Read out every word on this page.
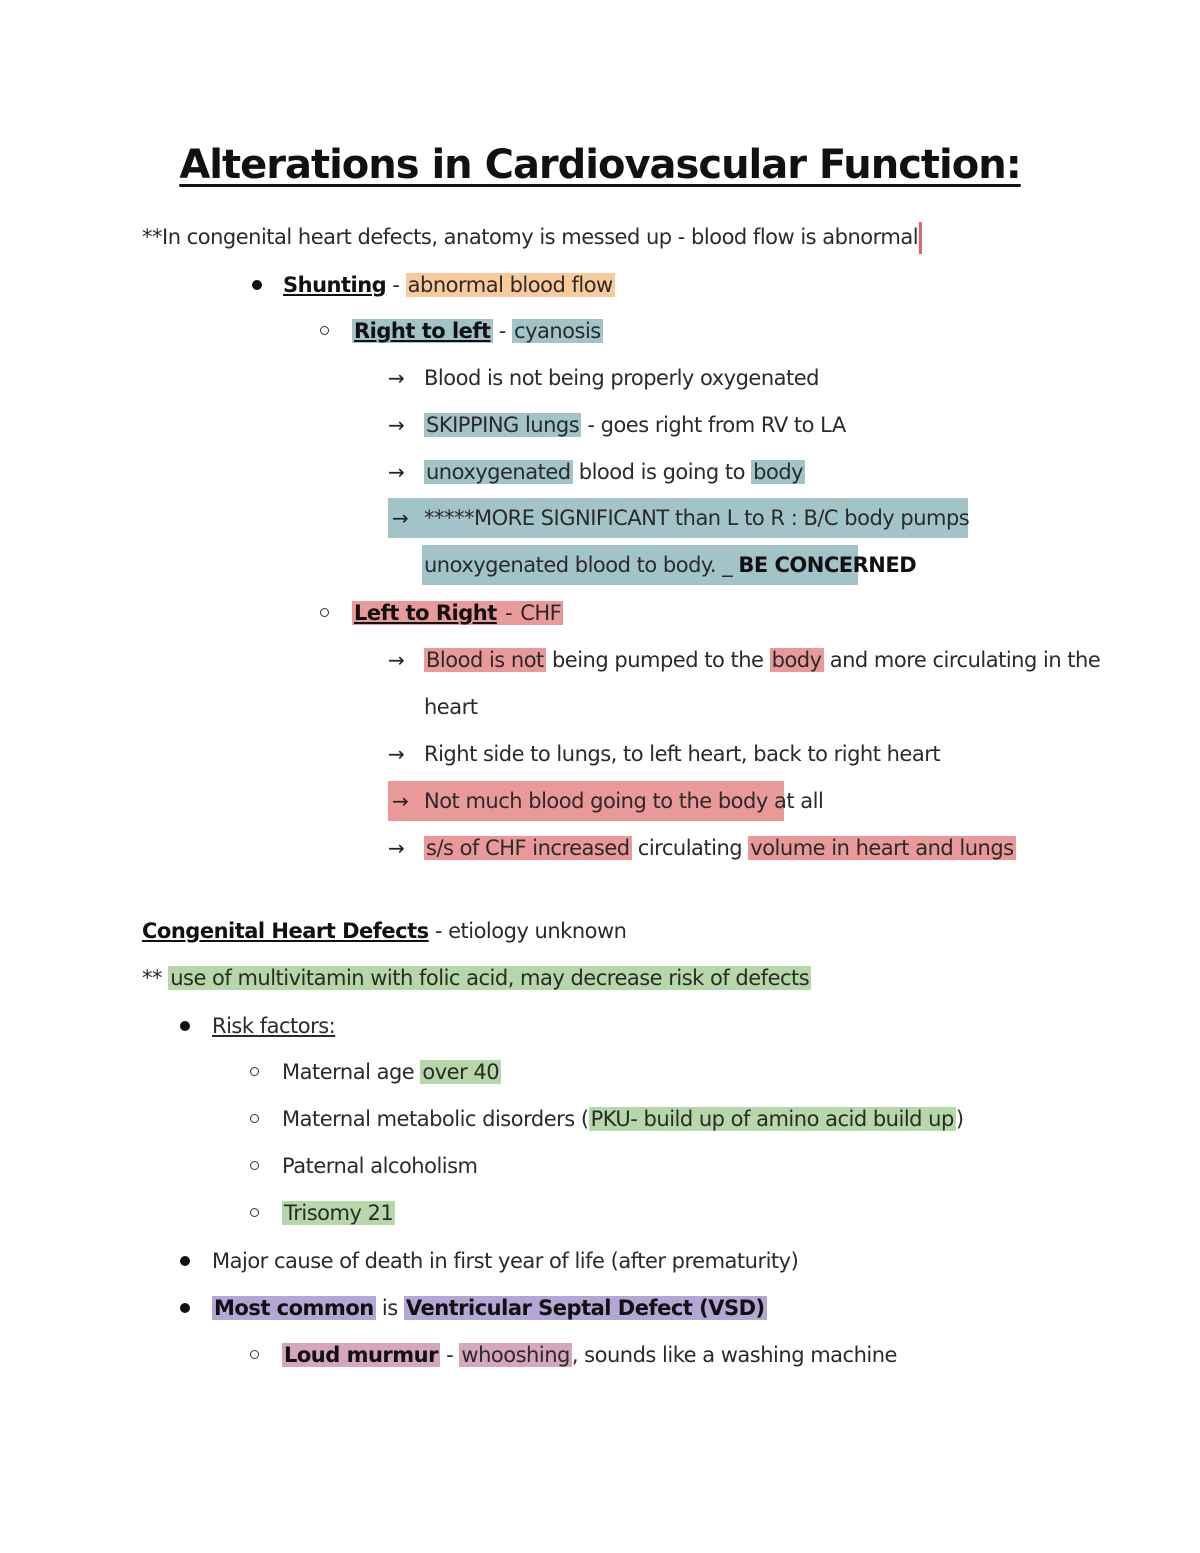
Alterations in Cardiovascular Function:
**In congenital heart defects, anatomy is messed up - blood flow is abnormal
Shunting - abnormal blood flow
Right to left - cyanosis
→ Blood is not being properly oxygenated
→ SKIPPING lungs - goes right from RV to LA
→ unoxygenated blood is going to body
→ *****MORE SIGNIFICANT than L to R : B/C body pumps
unoxygenated blood to body. _ BE CONCERNED
Left to Right - CHF
→ Blood is not being pumped to the body and more circulating in the
heart
→ Right side to lungs, to left heart, back to right heart
→ Not much blood going to the body at all
→ s/s of CHF increased circulating volume in heart and lungs
Congenital Heart Defects - etiology unknown
** use of multivitamin with folic acid, may decrease risk of defects
Risk factors:
Maternal age over 40
Maternal metabolic disorders (PKU- build up of amino acid build up)
Paternal alcoholism
Trisomy 21
Major cause of death in first year of life (after prematurity)
Most common is Ventricular Septal Defect (VSD)
Loud murmur - whooshing, sounds like a washing machine
